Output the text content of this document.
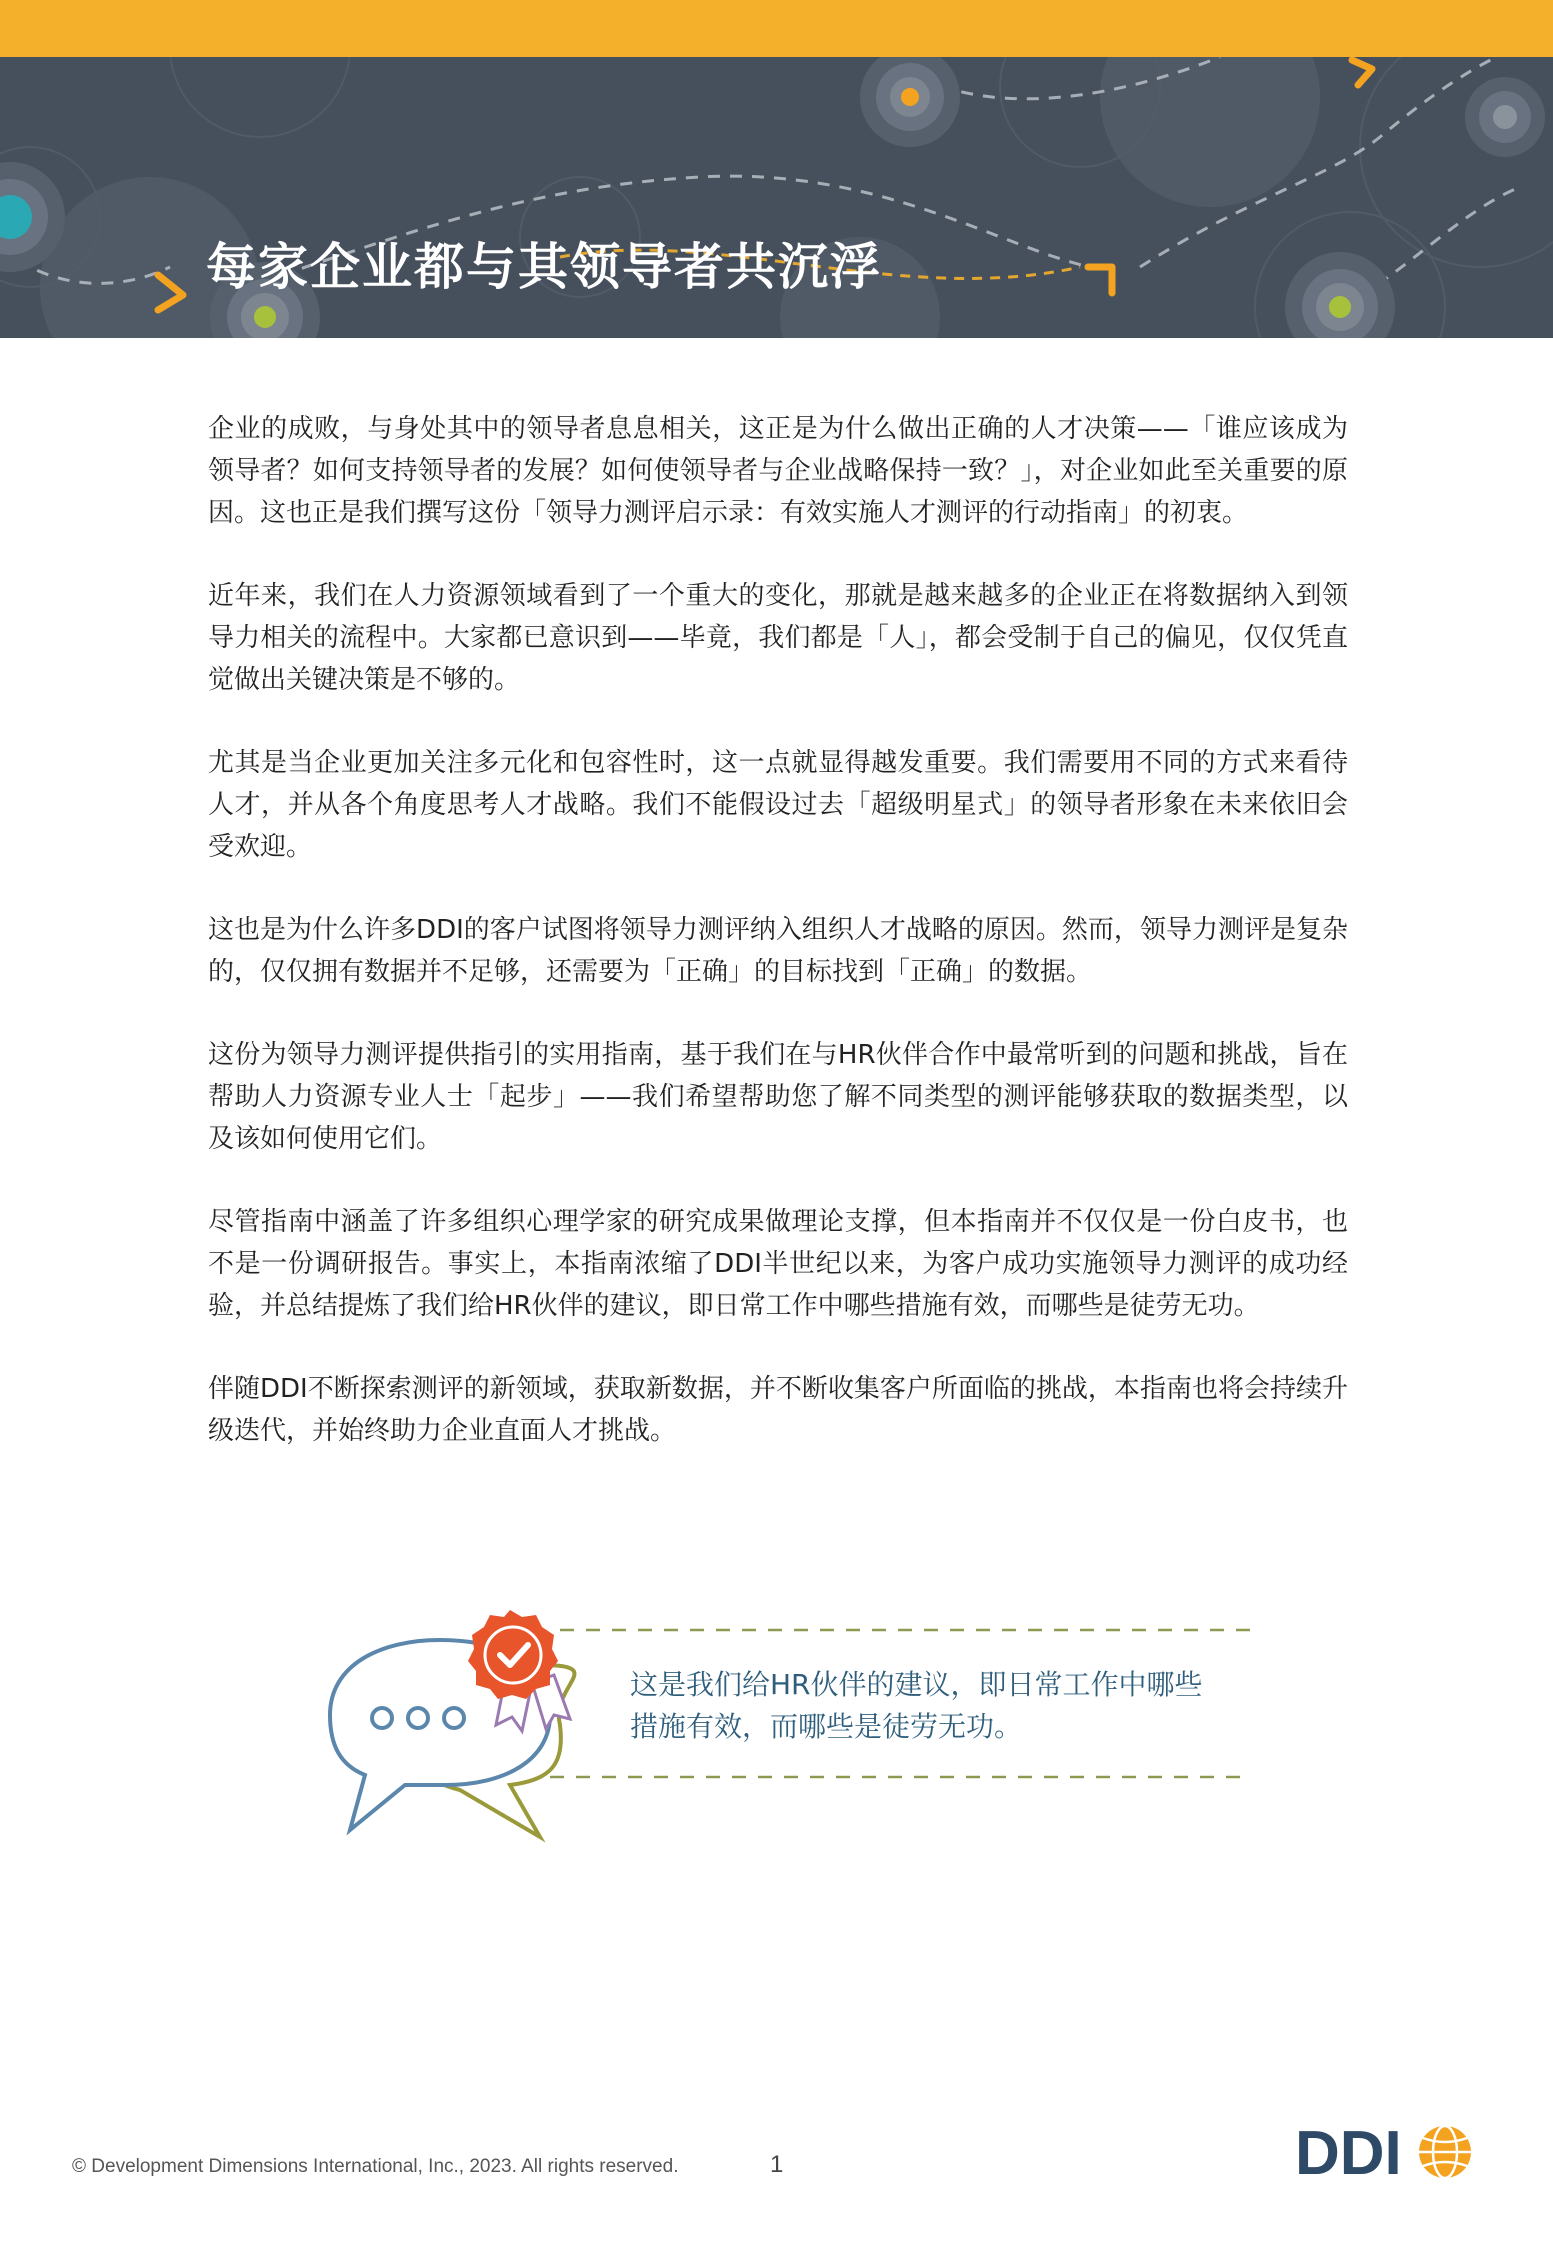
每家企业都与其领导者共沉浮

企业的成败，与身处其中的领导者息息相关，这正是为什么做出正确的人才决策——「谁应该成为领导者？如何支持领导者的发展？如何使领导者与企业战略保持一致？」，对企业如此至关重要的原因。这也正是我们撰写这份「领导力测评启示录：有效实施人才测评的行动指南」的初衷。

近年来，我们在人力资源领域看到了一个重大的变化，那就是越来越多的企业正在将数据纳入到领导力相关的流程中。大家都已意识到——毕竟，我们都是「人」，都会受制于自己的偏见，仅仅凭直觉做出关键决策是不够的。

尤其是当企业更加关注多元化和包容性时，这一点就显得越发重要。我们需要用不同的方式来看待人才，并从各个角度思考人才战略。我们不能假设过去「超级明星式」的领导者形象在未来依旧会受欢迎。

这也是为什么许多DDI的客户试图将领导力测评纳入组织人才战略的原因。然而，领导力测评是复杂的，仅仅拥有数据并不足够，还需要为「正确」的目标找到「正确」的数据。

这份为领导力测评提供指引的实用指南，基于我们在与HR伙伴合作中最常听到的问题和挑战，旨在帮助人力资源专业人士「起步」——我们希望帮助您了解不同类型的测评能够获取的数据类型，以及该如何使用它们。

尽管指南中涵盖了许多组织心理学家的研究成果做理论支撑，但本指南并不仅仅是一份白皮书，也不是一份调研报告。事实上，本指南浓缩了DDI半世纪以来，为客户成功实施领导力测评的成功经验，并总结提炼了我们给HR伙伴的建议，即日常工作中哪些措施有效，而哪些是徒劳无功。

伴随DDI不断探索测评的新领域，获取新数据，并不断收集客户所面临的挑战，本指南也将会持续升级迭代，并始终助力企业直面人才挑战。

这是我们给HR伙伴的建议，即日常工作中哪些措施有效，而哪些是徒劳无功。
© Development Dimensions International, Inc., 2023. All rights reserved.	1	DDI
